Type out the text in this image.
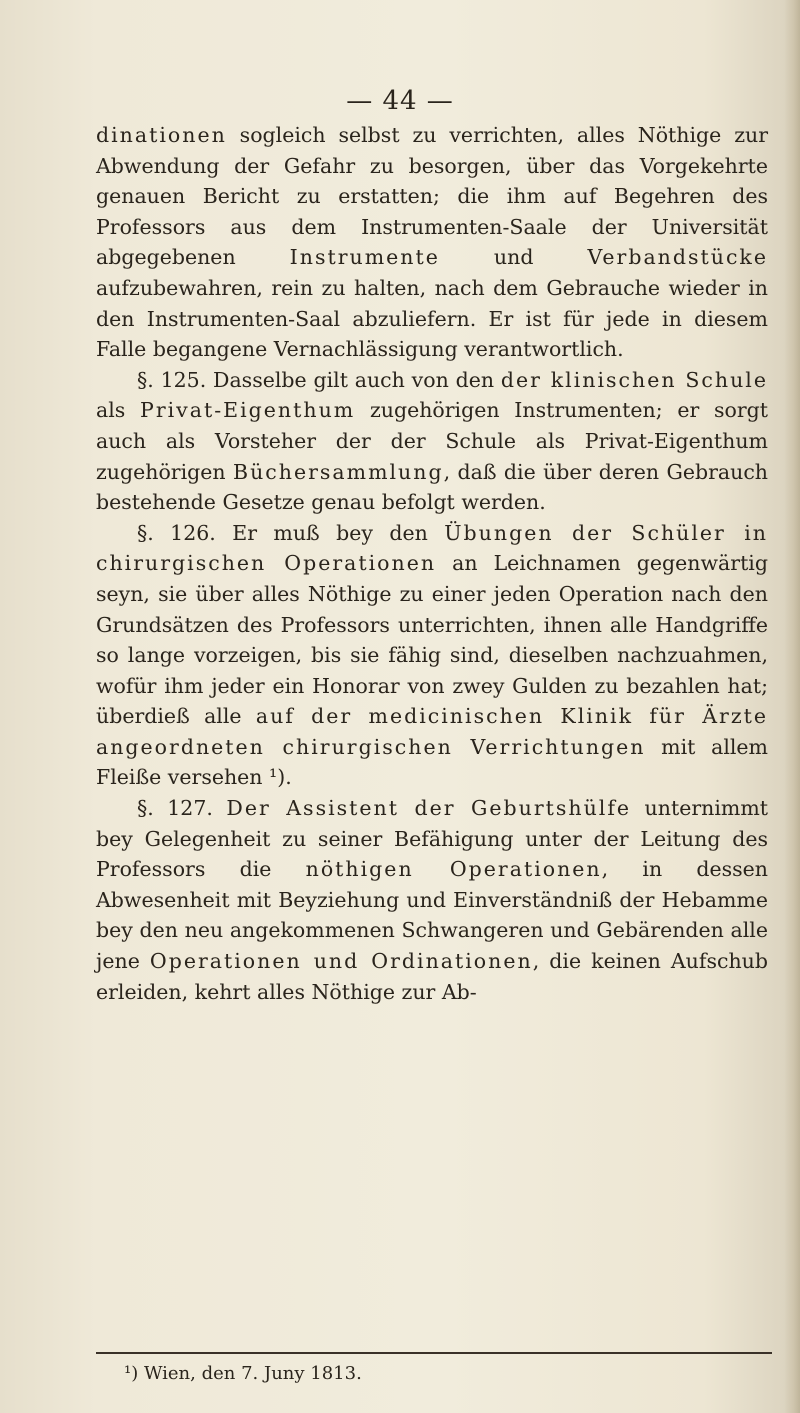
— 44 —

dinationen sogleich selbst zu verrichten, alles Nöthige zur Abwendung der Gefahr zu besorgen, über das Vorgekehrte genauen Bericht zu erstatten; die ihm auf Begehren des Professors aus dem Instrumenten-Saale der Universität abgegebenen Instrumente und Verbandstücke aufzubewahren, rein zu halten, nach dem Gebrauche wieder in den Instrumenten-Saal abzuliefern. Er ist für jede in diesem Falle begangene Vernachlässigung verantwortlich.

§. 125. Dasselbe gilt auch von den der klinischen Schule als Privat-Eigenthum zugehörigen Instrumenten; er sorgt auch als Vorsteher der der Schule als Privat-Eigenthum zugehörigen Büchersammlung, daß die über deren Gebrauch bestehende Gesetze genau befolgt werden.

§. 126. Er muß bey den Übungen der Schüler in chirurgischen Operationen an Leichnamen gegenwärtig seyn, sie über alles Nöthige zu einer jeden Operation nach den Grundsätzen des Professors unterrichten, ihnen alle Handgriffe so lange vorzeigen, bis sie fähig sind, dieselben nachzuahmen, wofür ihm jeder ein Honorar von zwey Gulden zu bezahlen hat; überdieß alle auf der medicinischen Klinik für Ärzte angeordneten chirurgischen Verrichtungen mit allem Fleiße versehen ¹).

§. 127. Der Assistent der Geburtshülfe unternimmt bey Gelegenheit zu seiner Befähigung unter der Leitung des Professors die nöthigen Operationen, in dessen Abwesenheit mit Beyziehung und Einverständniß der Hebamme bey den neu angekommenen Schwangeren und Gebärenden alle jene Operationen und Ordinationen, die keinen Aufschub erleiden, kehrt alles Nöthige zur Ab-

¹) Wien, den 7. Juny 1813.
